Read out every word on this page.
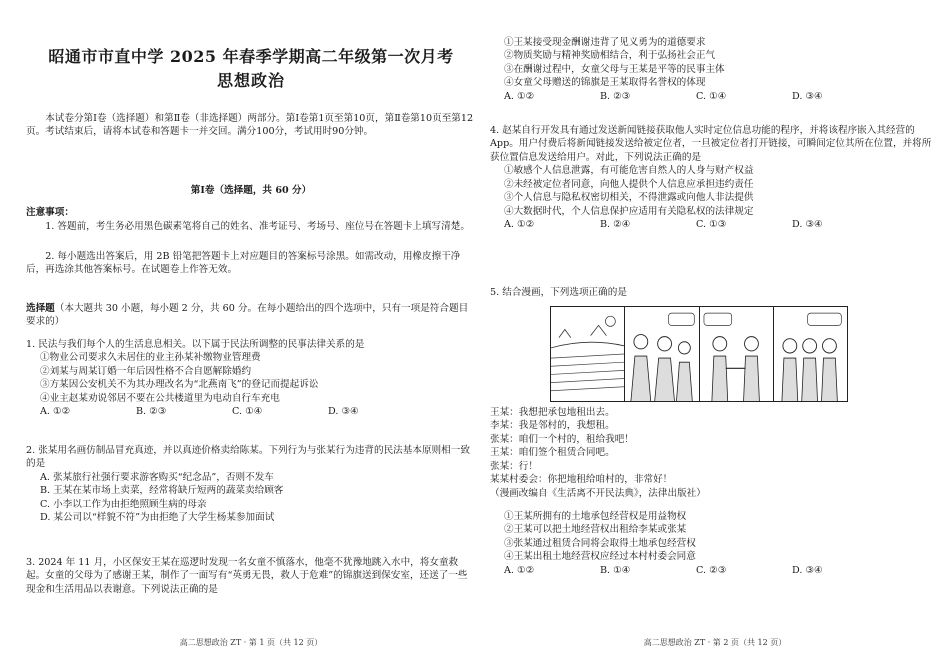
昭通市市直中学 2025 年春季学期高二年级第一次月考
思想政治
本试卷分第Ⅰ卷（选择题）和第Ⅱ卷（非选择题）两部分。第Ⅰ卷第1页至第10页，第Ⅱ卷第10页至第12页。考试结束后，请将本试卷和答题卡一并交回。满分100分，考试用时90分钟。
第Ⅰ卷（选择题，共 60 分）
注意事项：
1. 答题前，考生务必用黑色碳素笔将自己的姓名、准考证号、考场号、座位号在答题卡上填写清楚。
2. 每小题选出答案后，用 2B 铅笔把答题卡上对应题目的答案标号涂黑。如需改动，用橡皮擦干净后，再选涂其他答案标号。在试题卷上作答无效。
选择题（本大题共 30 小题，每小题 2 分，共 60 分。在每小题给出的四个选项中，只有一项是符合题目要求的）
1. 民法与我们每个人的生活息息相关。以下属于民法所调整的民事法律关系的是
①物业公司要求久未居住的业主孙某补缴物业管理费
②刘某与周某订婚一年后因性格不合自愿解除婚约
③方某因公安机关不为其办理改名为“北燕南飞”的登记而提起诉讼
④业主赵某劝说邻居不要在公共楼道里为电动自行车充电
A. ①②	B. ②③	C. ①④	D. ③④
2. 张某用名画仿制品冒充真迹，并以真迹价格卖给陈某。下列行为与张某行为违背的民法基本原则相一致的是
A. 张某旅行社强行要求游客购买“纪念品”，否则不发车
B. 王某在某市场上卖菜，经常将缺斤短两的蔬菜卖给顾客
C. 小李以工作为由拒绝照顾生病的母亲
D. 某公司以“样貌不符”为由拒绝了大学生杨某参加面试
3. 2024 年 11 月，小区保安王某在巡逻时发现一名女童不慎落水，他毫不犹豫地跳入水中，将女童救起。女童的父母为了感谢王某，制作了一面写有“英勇无畏，救人于危难”的锦旗送到保安室，还送了一些现金和生活用品以表谢意。下列说法正确的是
高二思想政治 ZT · 第 1 页（共 12 页）
①王某接受现金酬谢违背了见义勇为的道德要求
②物质奖励与精神奖励相结合，利于弘扬社会正气
③在酬谢过程中，女童父母与王某是平等的民事主体
④女童父母赠送的锦旗是王某取得名誉权的体现
A. ①②	B. ②③	C. ①④	D. ③④
4. 赵某自行开发具有通过发送新闻链接获取他人实时定位信息功能的程序，并将该程序嵌入其经营的 App。用户付费后将新闻链接发送给被定位者，一旦被定位者打开链接，可瞬间定位其所在位置，并将所获位置信息发送给用户。对此，下列说法正确的是
①敏感个人信息泄露，有可能危害自然人的人身与财产权益
②未经被定位者同意，向他人提供个人信息应承担违约责任
③个人信息与隐私权密切相关，不得泄露或向他人非法提供
④大数据时代，个人信息保护应适用有关隐私权的法律规定
A. ①②	B. ②④	C. ①③	D. ③④
5. 结合漫画，下列选项正确的是
王某：我想把承包地租出去。
李某：我是邻村的，我想租。
张某：咱们一个村的，租给我吧！
王某：咱们签个租赁合同吧。
张某：行！
某某村委会：你把地租给咱村的，非常好！
（漫画改编自《生活离不开民法典》，法律出版社）
①王某所拥有的土地承包经营权是用益物权
②王某可以把土地经营权出租给李某或张某
③张某通过租赁合同将会取得土地承包经营权
④王某出租土地经营权应经过本村村委会同意
A. ①②	B. ①④	C. ②③	D. ③④
高二思想政治 ZT · 第 2 页（共 12 页）
